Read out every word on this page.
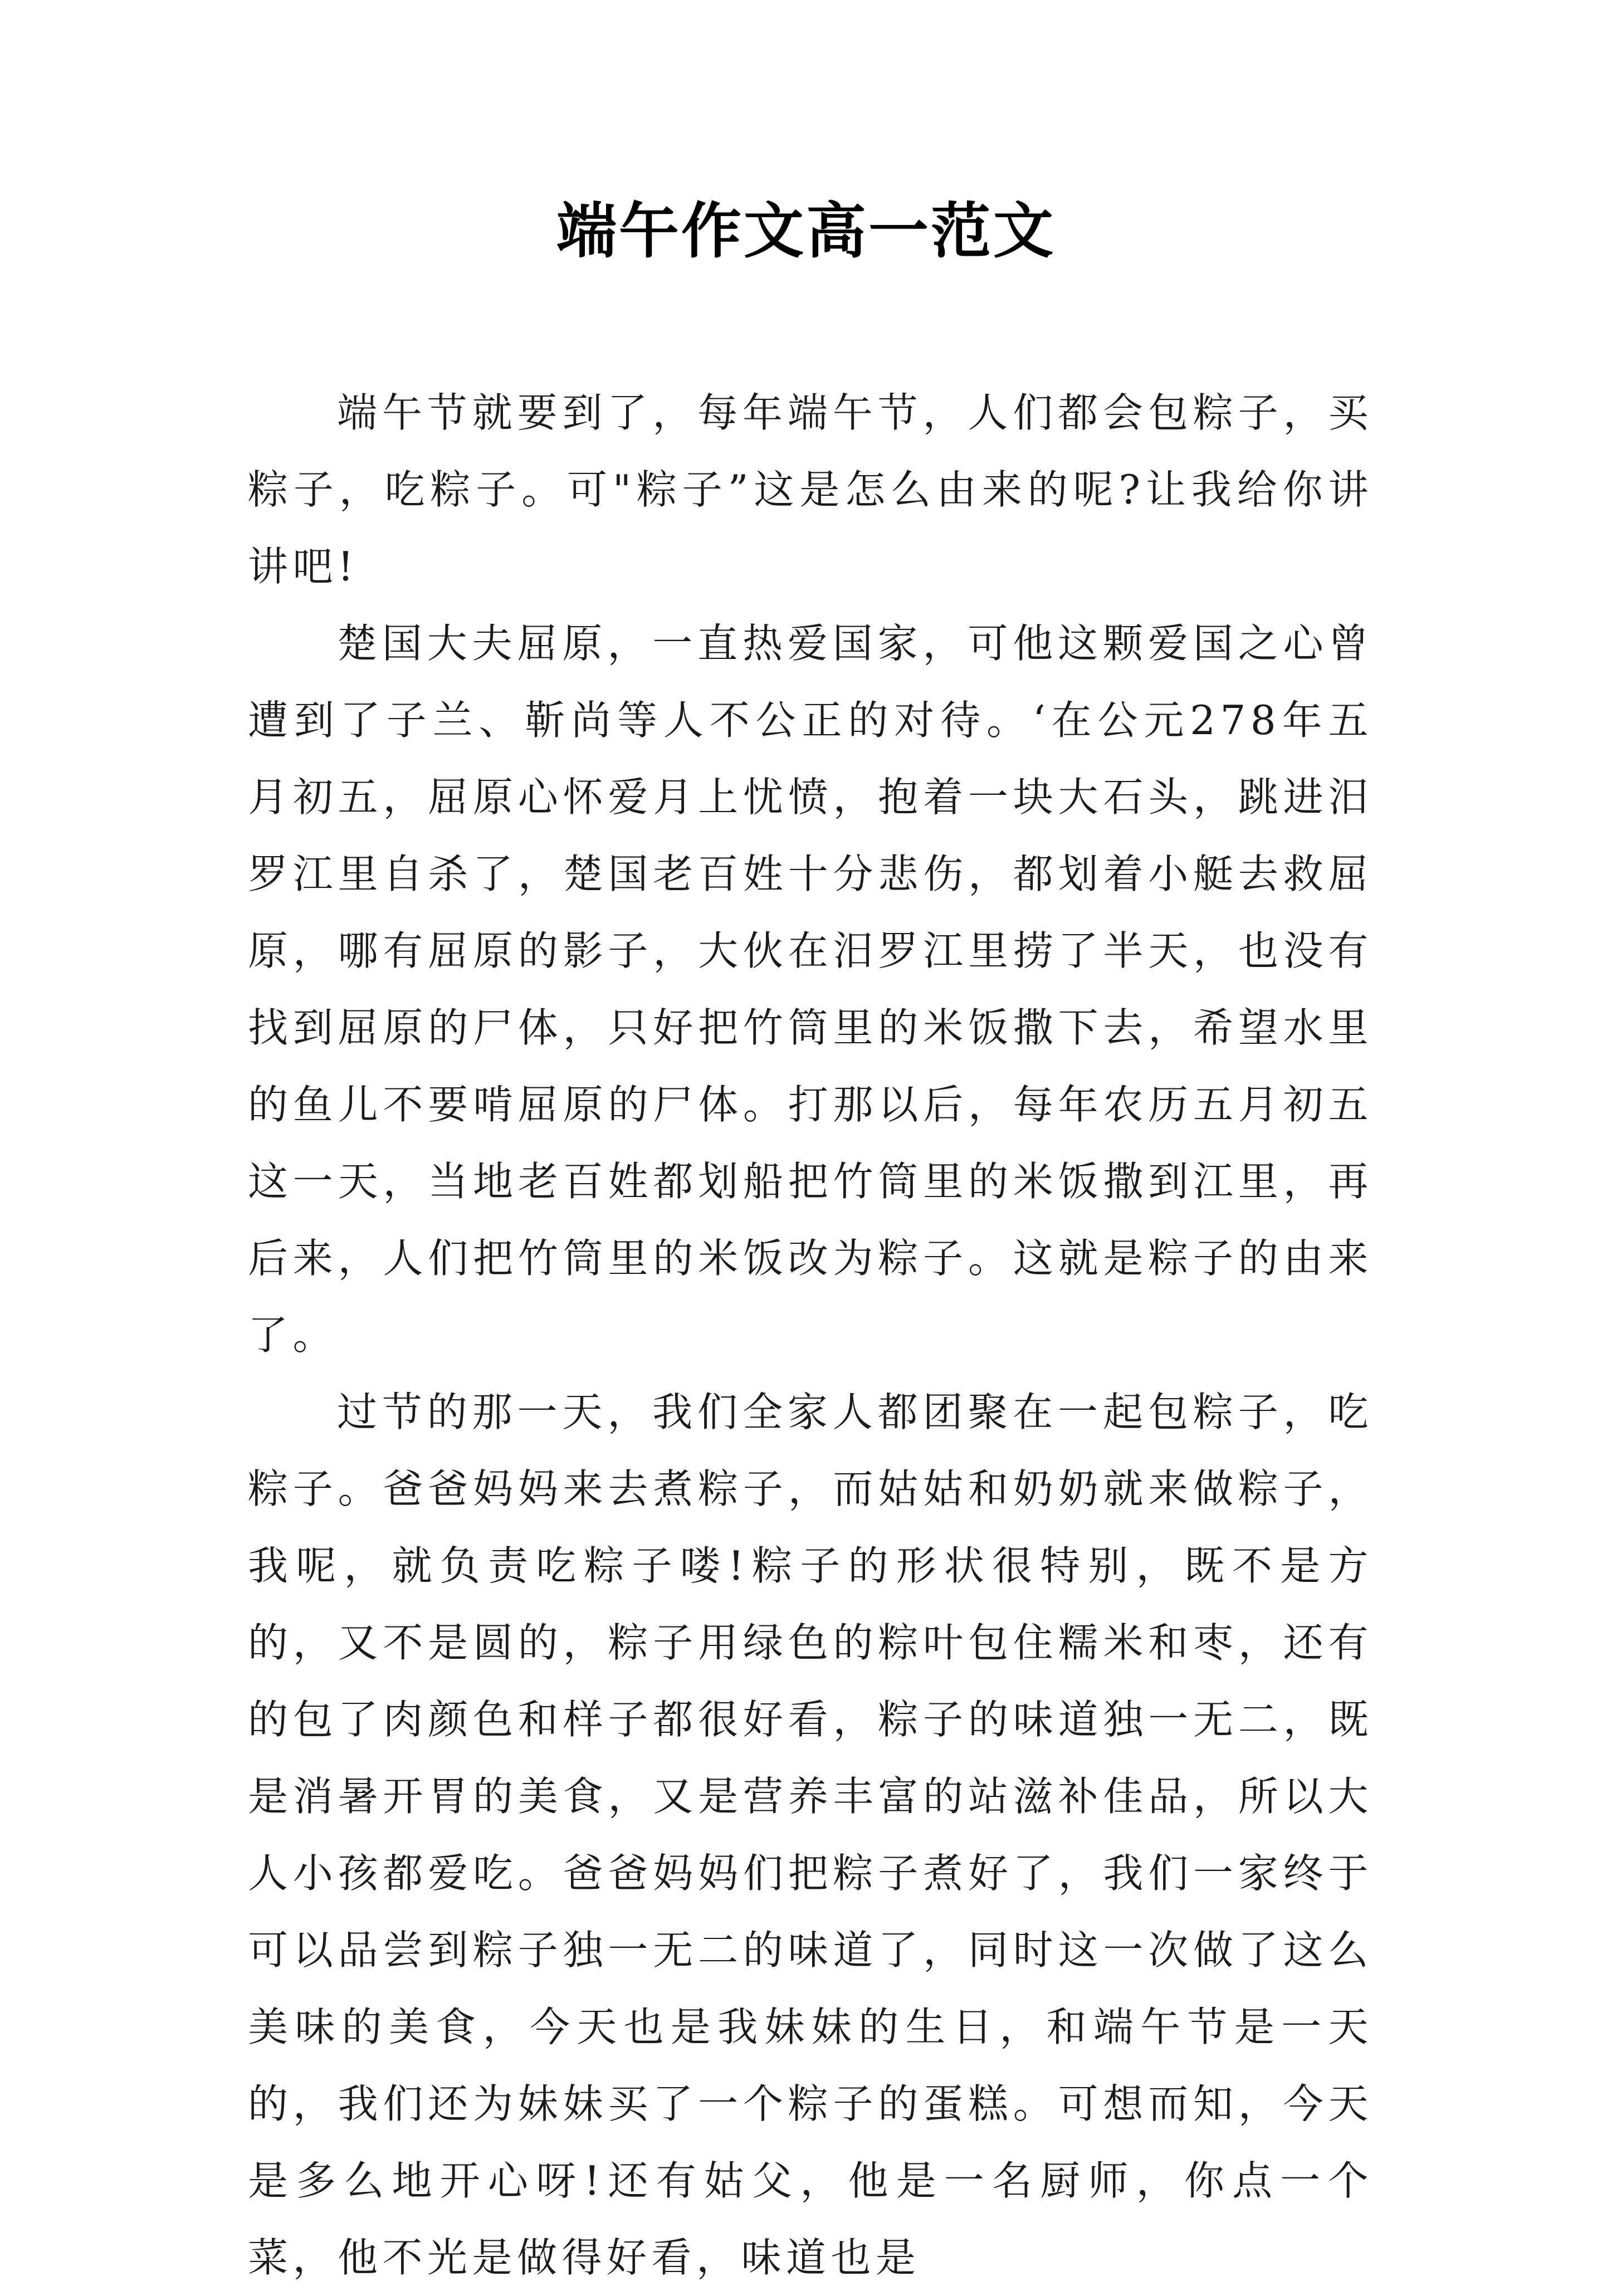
端午作文高一范文

端午节就要到了，每年端午节，人们都会包粽子，买粽子，吃粽子。可"粽子”这是怎么由来的呢?让我给你讲讲吧!

楚国大夫屈原，一直热爱国家，可他这颗爱国之心曾遭到了子兰、靳尚等人不公正的对待。‘在公元278年五月初五，屈原心怀爱月上忧愤，抱着一块大石头，跳进汨罗江里自杀了，楚国老百姓十分悲伤，都划着小艇去救屈原，哪有屈原的影子，大伙在汨罗江里捞了半天，也没有找到屈原的尸体，只好把竹筒里的米饭撒下去，希望水里的鱼儿不要啃屈原的尸体。打那以后，每年农历五月初五这一天，当地老百姓都划船把竹筒里的米饭撒到江里，再后来，人们把竹筒里的米饭改为粽子。这就是粽子的由来了。

过节的那一天，我们全家人都团聚在一起包粽子，吃粽子。爸爸妈妈来去煮粽子，而姑姑和奶奶就来做粽子，我呢，就负责吃粽子喽!粽子的形状很特别，既不是方的，又不是圆的，粽子用绿色的粽叶包住糯米和枣，还有的包了肉颜色和样子都很好看，粽子的味道独一无二，既是消暑开胃的美食，又是营养丰富的站滋补佳品，所以大人小孩都爱吃。爸爸妈妈们把粽子煮好了，我们一家终于可以品尝到粽子独一无二的味道了，同时这一次做了这么美味的美食，今天也是我妹妹的生日，和端午节是一天的，我们还为妹妹买了一个粽子的蛋糕。可想而知，今天是多么地开心呀!还有姑父，他是一名厨师，你点一个菜，他不光是做得好看，味道也是
